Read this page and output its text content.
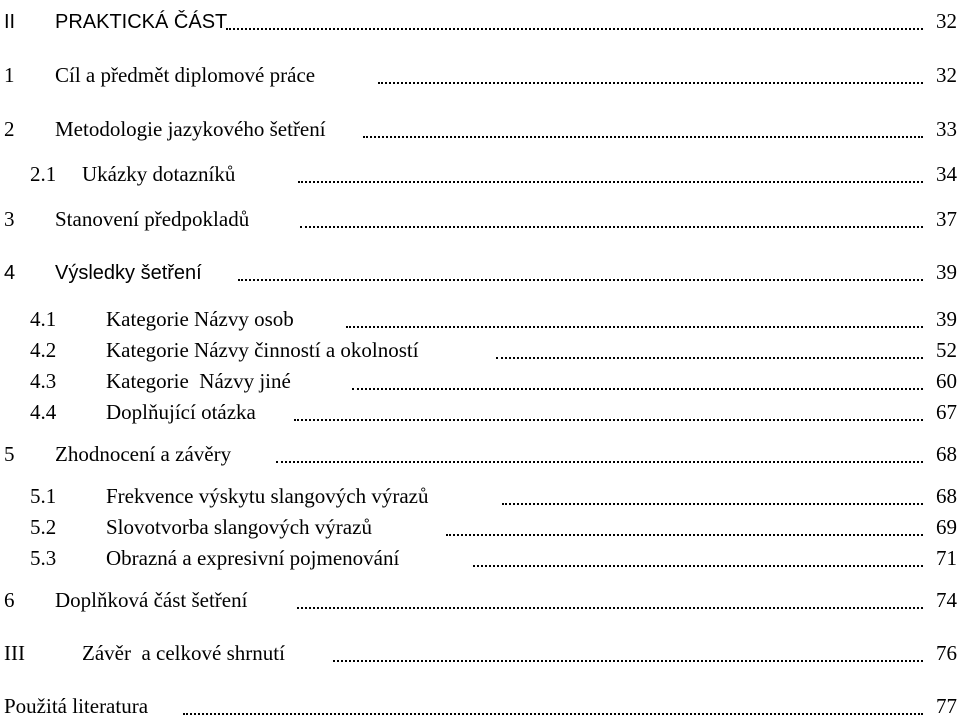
II PRAKTICKÁ ČÁST	32
1 Cíl a předmět diplomové práce	32
2 Metodologie jazykového šetření	33
2.1 Ukázky dotazníků	34
3 Stanovení předpokladů	37
4 Výsledky šetření	39
4.1 Kategorie Názvy osob	39
4.2 Kategorie Názvy činností a okolností	52
4.3 Kategorie  Názvy jiné	60
4.4 Doplňující otázka	67
5 Zhodnocení a závěry	68
5.1 Frekvence výskytu slangových výrazů	68
5.2 Slovotvorba slangových výrazů	69
5.3 Obrazná a expresivní pojmenování	71
6 Doplňková část šetření	74
III	Závěr  a celkové shrnutí	76
Použitá literatura	77
